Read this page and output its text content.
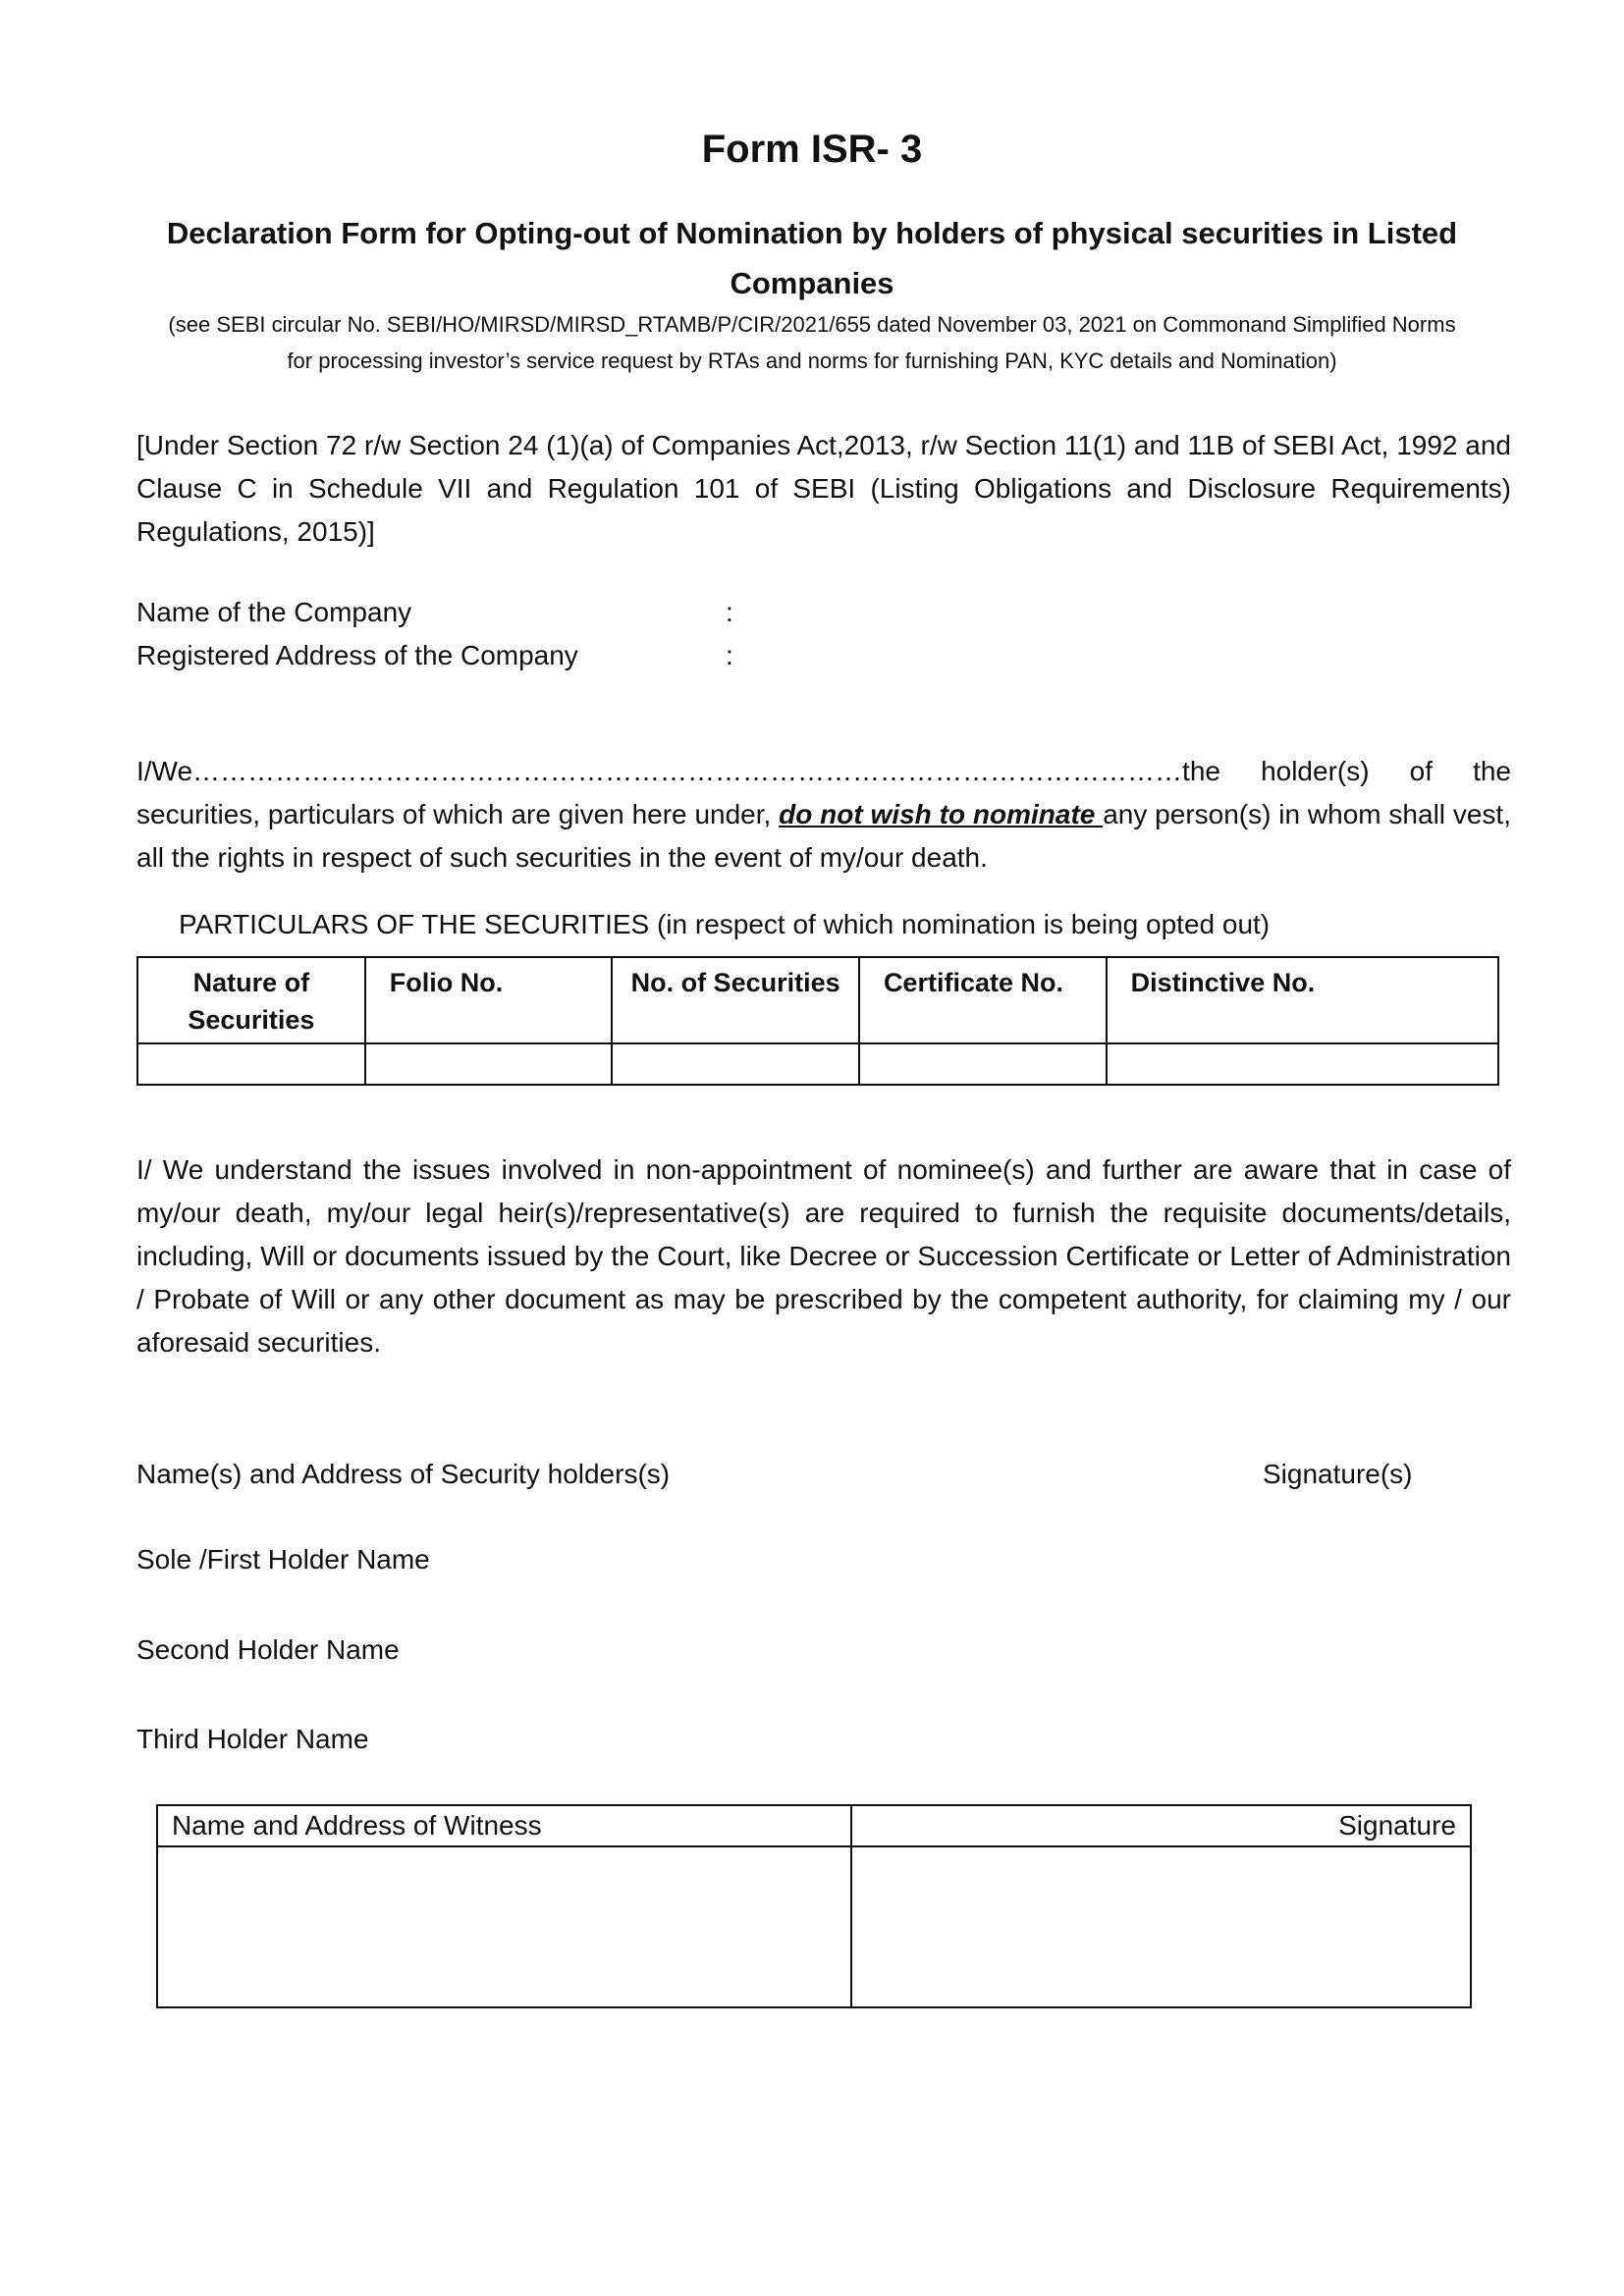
Form ISR- 3
Declaration Form for Opting-out of Nomination by holders of physical securities in Listed Companies
(see SEBI circular No. SEBI/HO/MIRSD/MIRSD_RTAMB/P/CIR/2021/655 dated November 03, 2021 on Commonand Simplified Norms for processing investor’s service request by RTAs and norms for furnishing PAN, KYC details and Nomination)
[Under Section 72 r/w Section 24 (1)(a) of Companies Act,2013, r/w Section 11(1) and 11B of SEBI Act, 1992 and Clause C in Schedule VII and Regulation 101 of SEBI (Listing Obligations and Disclosure Requirements) Regulations, 2015)]
Name of the Company	:
Registered Address of the Company	:
I/We………………………………………………………………………………………………the holder(s) of the securities, particulars of which are given here under, do not wish to nominate any person(s) in whom shall vest, all the rights in respect of such securities in the event of my/our death.
PARTICULARS OF THE SECURITIES (in respect of which nomination is being opted out)
Nature of Securities	Folio No.	No. of Securities	Certificate No.	Distinctive No.

I/ We understand the issues involved in non-appointment of nominee(s) and further are aware that in case of my/our death, my/our legal heir(s)/representative(s) are required to furnish the requisite documents/details, including, Will or documents issued by the Court, like Decree or Succession Certificate or Letter of Administration / Probate of Will or any other document as may be prescribed by the competent authority, for claiming my / our aforesaid securities.
Name(s) and Address of Security holders(s)	Signature(s)
Sole /First Holder Name
Second Holder Name
Third Holder Name
Name and Address of Witness	Signature
